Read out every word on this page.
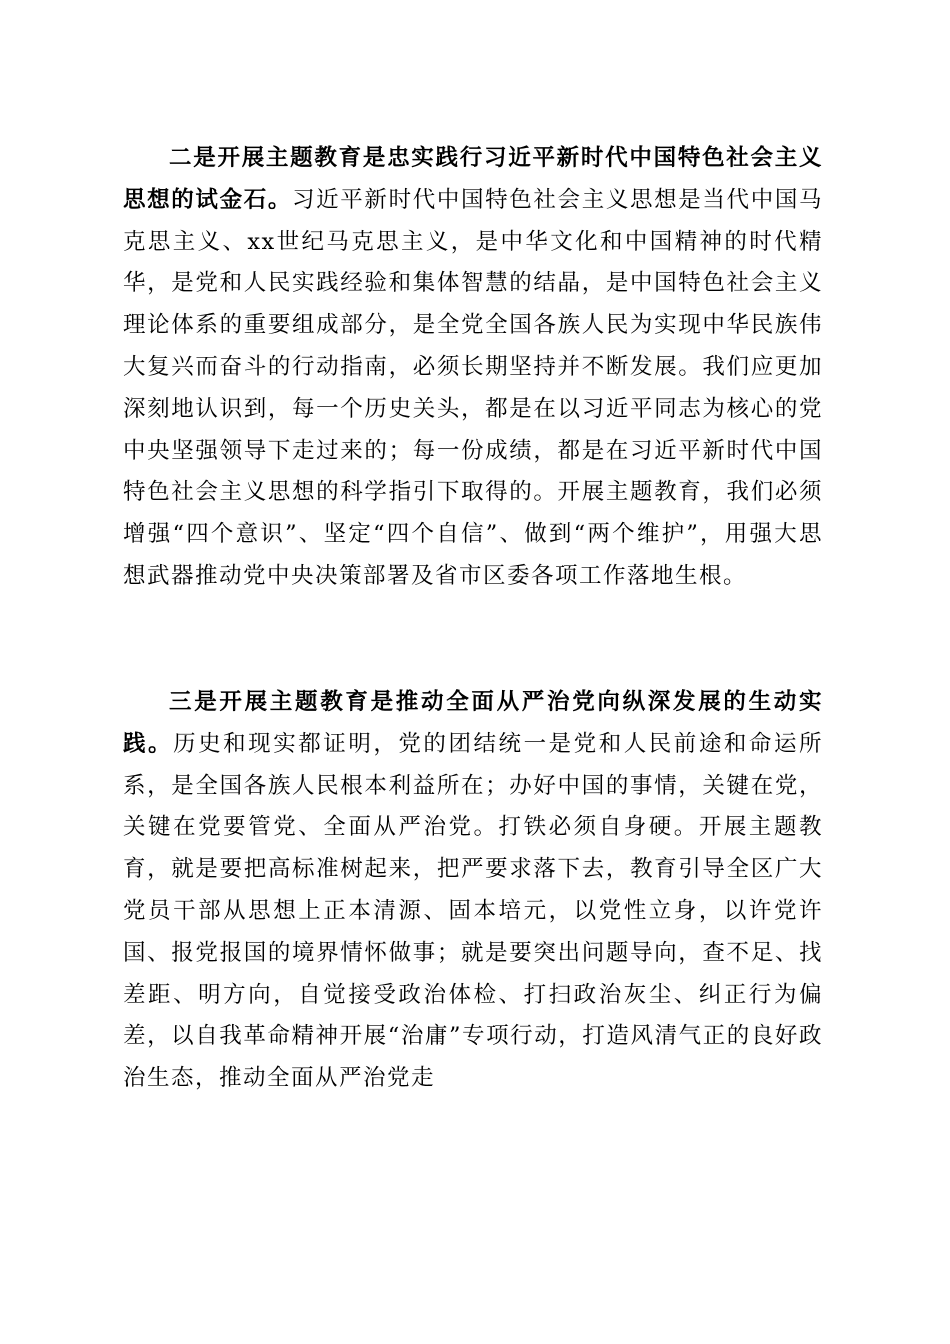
二是开展主题教育是忠实践行习近平新时代中国特色社会主义思想的试金石。习近平新时代中国特色社会主义思想是当代中国马克思主义、xx世纪马克思主义，是中华文化和中国精神的时代精华，是党和人民实践经验和集体智慧的结晶，是中国特色社会主义理论体系的重要组成部分，是全党全国各族人民为实现中华民族伟大复兴而奋斗的行动指南，必须长期坚持并不断发展。我们应更加深刻地认识到，每一个历史关头，都是在以习近平同志为核心的党中央坚强领导下走过来的；每一份成绩，都是在习近平新时代中国特色社会主义思想的科学指引下取得的。开展主题教育，我们必须增强“四个意识”、坚定“四个自信”、做到“两个维护”，用强大思想武器推动党中央决策部署及省市区委各项工作落地生根。

三是开展主题教育是推动全面从严治党向纵深发展的生动实践。历史和现实都证明，党的团结统一是党和人民前途和命运所系，是全国各族人民根本利益所在；办好中国的事情，关键在党，关键在党要管党、全面从严治党。打铁必须自身硬。开展主题教育，就是要把高标准树起来，把严要求落下去，教育引导全区广大党员干部从思想上正本清源、固本培元，以党性立身，以许党许国、报党报国的境界情怀做事；就是要突出问题导向，查不足、找差距、明方向，自觉接受政治体检、打扫政治灰尘、纠正行为偏差，以自我革命精神开展“治庸”专项行动，打造风清气正的良好政治生态，推动全面从严治党走
